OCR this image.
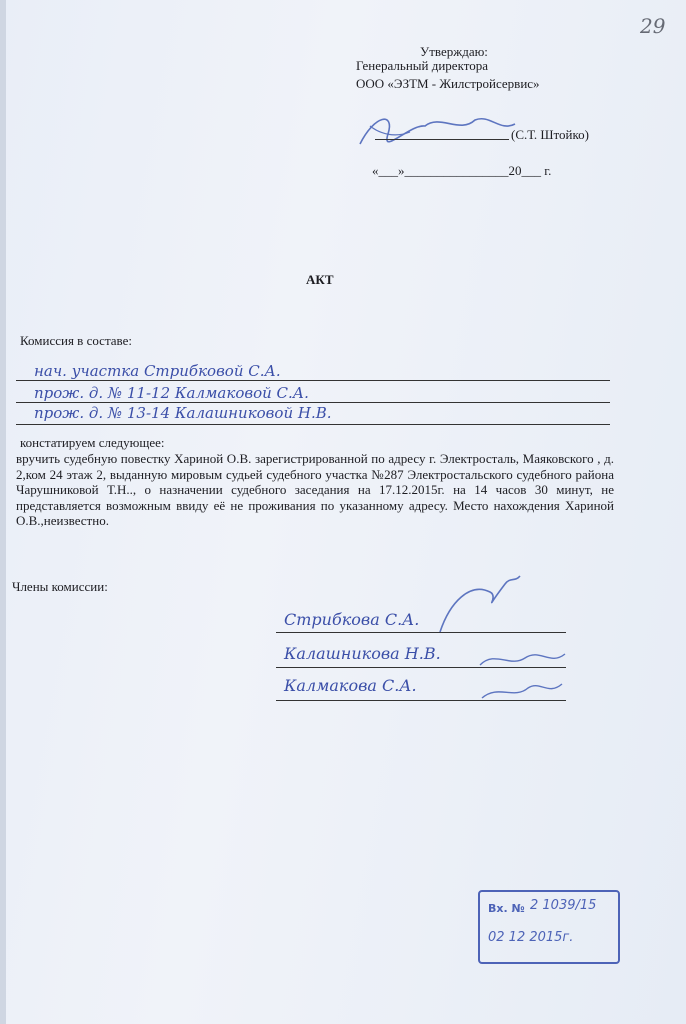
29
Утверждаю:
Генеральный директора
ООО «ЭЗТМ - Жилстройсервис»
(С.Т. Штойко)
«___»________________20___ г.
АКТ
Комиссия в составе:
нач. участка Стрибковой С.А.
прож. д. № 11-12 Калмаковой С.А.
прож. д. № 13-14 Калашниковой Н.В.
констатируем следующее:
вручить судебную повестку Хариной О.В. зарегистрированной по адресу г. Электросталь, Маяковского , д. 2,ком 24 этаж 2, выданную мировым судьей судебного участка №287 Электростальского судебного района Чарушниковой Т.Н.., о назначении судебного заседания на 17.12.2015г. на 14 часов 30 минут, не представляется возможным ввиду её не проживания по указанному адресу. Место нахождения Хариной О.В.,неизвестно.
Члены комиссии:
Стрибкова С.А.
Калашникова Н.В.
Калмакова С.А.
Вх. № 2 1039/15
02 12 2015г.
